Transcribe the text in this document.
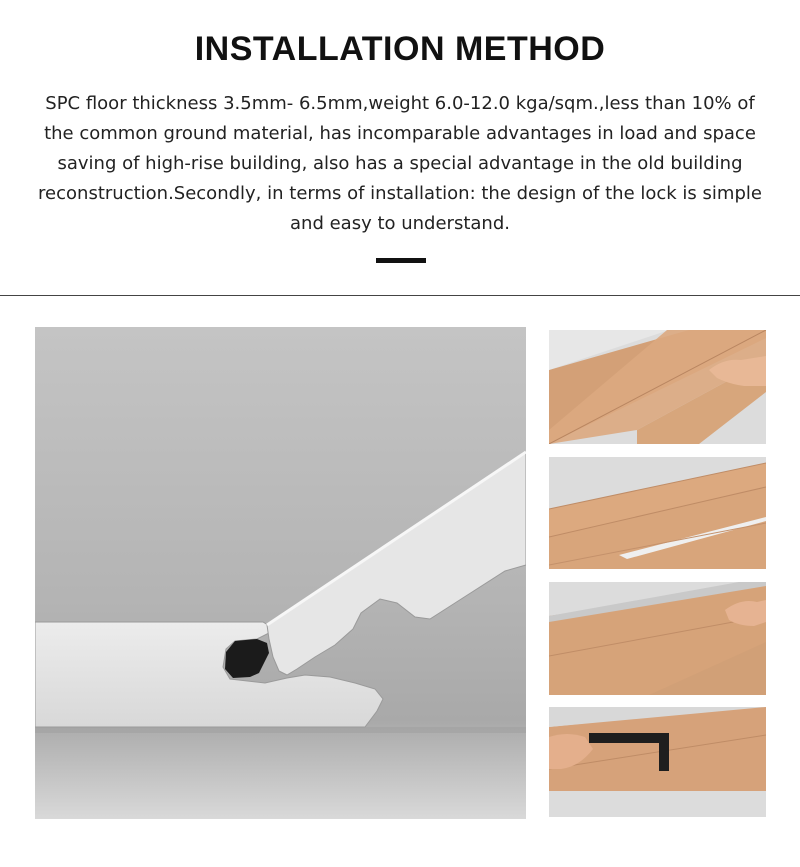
INSTALLATION METHOD
SPC floor thickness 3.5mm- 6.5mm,weight 6.0-12.0 kga/sqm.,less than 10% of the common ground material, has incomparable advantages in load and space saving of high-rise building, also has a special advantage in the old building reconstruction.Secondly, in terms of installation: the design of the lock is simple and easy to understand.
